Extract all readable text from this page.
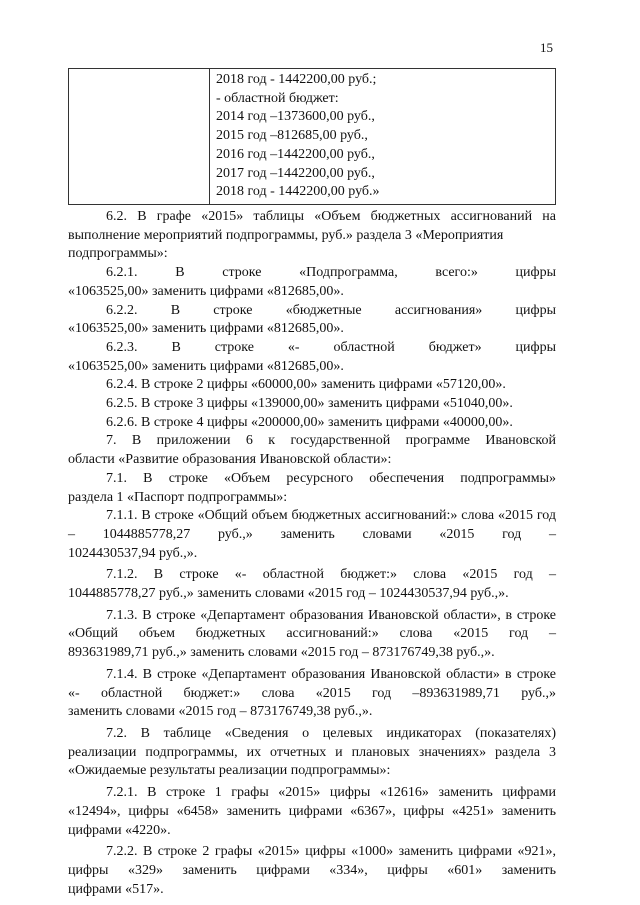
15

2018 год - 1442200,00 руб.;
- областной бюджет:
2014 год –1373600,00 руб.,
2015 год –812685,00 руб.,
2016 год –1442200,00 руб.,
2017 год –1442200,00 руб.,
2018 год - 1442200,00 руб.»

6.2. В графе «2015» таблицы «Объем бюджетных ассигнований на выполнение мероприятий подпрограммы, руб.» раздела 3 «Мероприятия

подпрограммы»:

6.2.1. В строке «Подпрограмма, всего:» цифры

«1063525,00» заменить цифрами «812685,00».

6.2.2. В строке «бюджетные ассигнования» цифры

«1063525,00» заменить цифрами «812685,00».

6.2.3. В строке «- областной бюджет» цифры

«1063525,00» заменить цифрами «812685,00».

6.2.4. В строке 2 цифры «60000,00» заменить цифрами «57120,00».

6.2.5. В строке 3 цифры «139000,00» заменить цифрами «51040,00».

6.2.6. В строке 4 цифры «200000,00» заменить цифрами «40000,00».

7. В приложении 6 к государственной программе Ивановской

области «Развитие образования Ивановской области»:

7.1. В строке «Объем ресурсного обеспечения подпрограммы»

раздела 1 «Паспорт подпрограммы»:

7.1.1. В строке «Общий объем бюджетных ассигнований:» слова «2015 год – 1044885778,27 руб.,» заменить словами «2015 год –

1024430537,94 руб.,».

7.1.2. В строке «- областной бюджет:» слова «2015 год –

1044885778,27 руб.,» заменить словами «2015 год – 1024430537,94 руб.,».

7.1.3. В строке «Департамент образования Ивановской области», в строке «Общий объем бюджетных ассигнований:» слова «2015 год –

893631989,71 руб.,» заменить словами «2015 год – 873176749,38 руб.,».

7.1.4. В строке «Департамент образования Ивановской области» в строке «- областной бюджет:» слова «2015 год –893631989,71 руб.,»

заменить словами «2015 год – 873176749,38 руб.,».

7.2. В таблице «Сведения о целевых индикаторах (показателях) реализации подпрограммы, их отчетных и плановых значениях» раздела 3

«Ожидаемые результаты реализации подпрограммы»:

7.2.1. В строке 1 графы «2015» цифры «12616» заменить цифрами «12494», цифры «6458» заменить цифрами «6367», цифры «4251» заменить

цифрами «4220».

7.2.2. В строке 2 графы «2015» цифры «1000» заменить цифрами «921», цифры «329» заменить цифрами «334», цифры «601» заменить

цифрами «517».
